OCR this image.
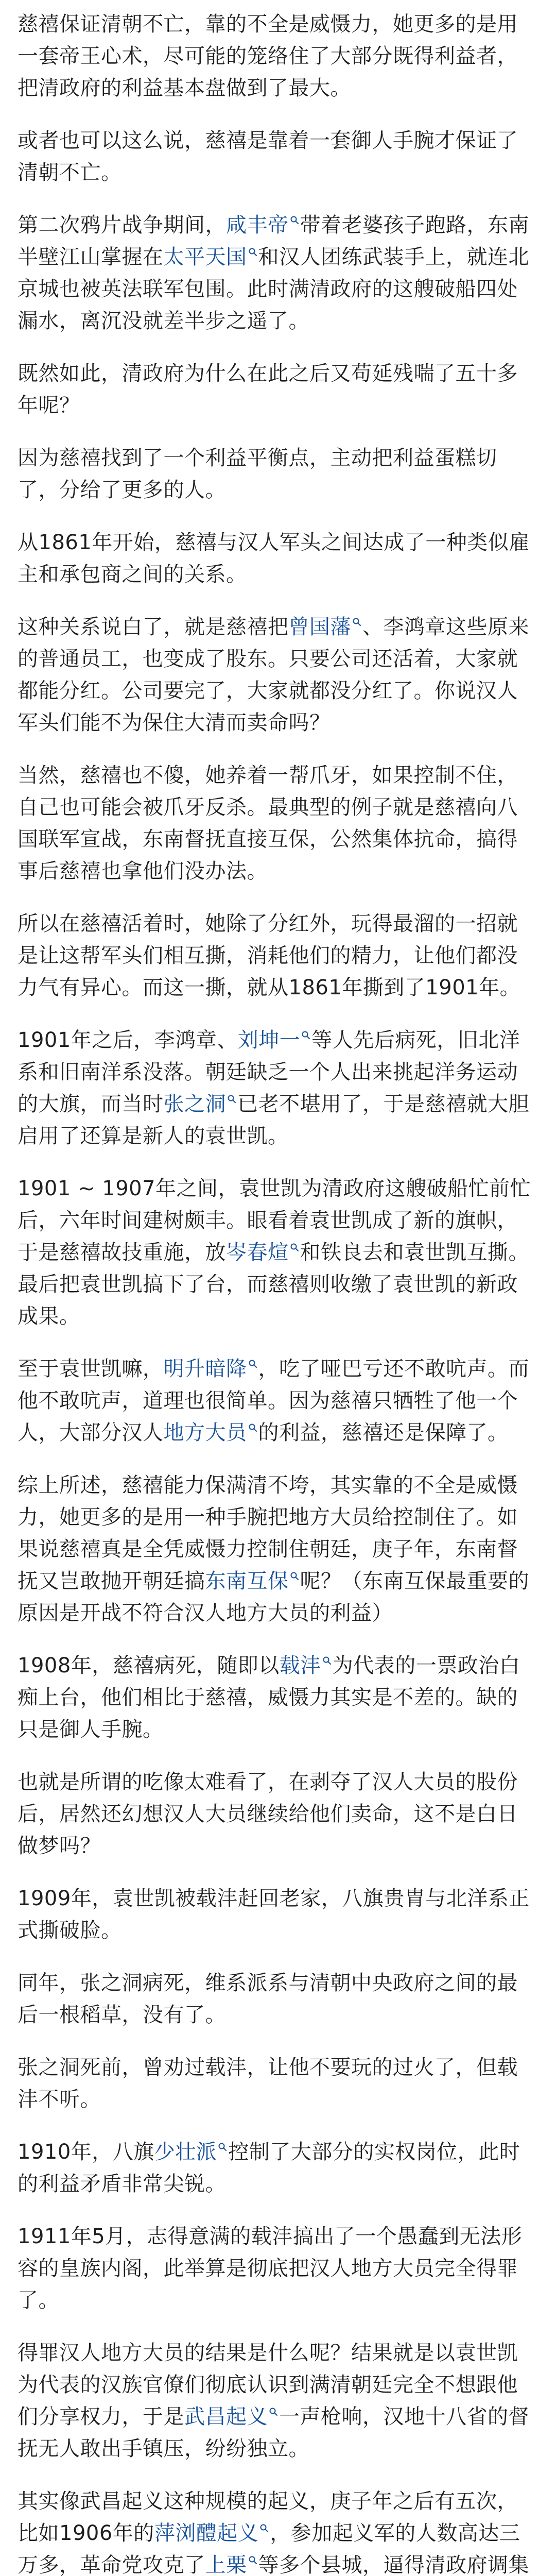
慈禧保证清朝不亡，靠的不全是威慑力，她更多的是用一套帝王心术，尽可能的笼络住了大部分既得利益者，把清政府的利益基本盘做到了最大。

或者也可以这么说，慈禧是靠着一套御人手腕才保证了清朝不亡。

第二次鸦片战争期间，咸丰帝 带着老婆孩子跑路，东南半壁江山掌握在太平天国 和汉人团练武装手上，就连北京城也被英法联军包围。此时满清政府的这艘破船四处漏水，离沉没就差半步之遥了。

既然如此，清政府为什么在此之后又苟延残喘了五十多年呢？

因为慈禧找到了一个利益平衡点，主动把利益蛋糕切了，分给了更多的人。

从1861年开始，慈禧与汉人军头之间达成了一种类似雇主和承包商之间的关系。

这种关系说白了，就是慈禧把曾国藩 、李鸿章这些原来的普通员工，也变成了股东。只要公司还活着，大家就都能分红。公司要完了，大家就都没分红了。你说汉人军头们能不为保住大清而卖命吗？

当然，慈禧也不傻，她养着一帮爪牙，如果控制不住，自己也可能会被爪牙反杀。最典型的例子就是慈禧向八国联军宣战，东南督抚直接互保，公然集体抗命，搞得事后慈禧也拿他们没办法。

所以在慈禧活着时，她除了分红外，玩得最溜的一招就是让这帮军头们相互撕，消耗他们的精力，让他们都没力气有异心。而这一撕，就从1861年撕到了1901年。

1901年之后，李鸿章、刘坤一 等人先后病死，旧北洋系和旧南洋系没落。朝廷缺乏一个人出来挑起洋务运动的大旗，而当时张之洞 已老不堪用了，于是慈禧就大胆启用了还算是新人的袁世凯。

1901 ~ 1907年之间，袁世凯为清政府这艘破船忙前忙后，六年时间建树颇丰。眼看着袁世凯成了新的旗帜，于是慈禧故技重施，放岑春煊 和铁良去和袁世凯互撕。最后把袁世凯搞下了台，而慈禧则收缴了袁世凯的新政成果。

至于袁世凯嘛，明升暗降 ，吃了哑巴亏还不敢吭声。而他不敢吭声，道理也很简单。因为慈禧只牺牲了他一个人，大部分汉人地方大员 的利益，慈禧还是保障了。

综上所述，慈禧能力保满清不垮，其实靠的不全是威慑力，她更多的是用一种手腕把地方大员给控制住了。如果说慈禧真是全凭威慑力控制住朝廷，庚子年，东南督抚又岂敢抛开朝廷搞东南互保 呢？（东南互保最重要的原因是开战不符合汉人地方大员的利益）

1908年，慈禧病死，随即以载沣 为代表的一票政治白痴上台，他们相比于慈禧，威慑力其实是不差的。缺的只是御人手腕。

也就是所谓的吃像太难看了，在剥夺了汉人大员的股份后，居然还幻想汉人大员继续给他们卖命，这不是白日做梦吗？

1909年，袁世凯被载沣赶回老家，八旗贵胄与北洋系正式撕破脸。

同年，张之洞病死，维系派系与清朝中央政府之间的最后一根稻草，没有了。

张之洞死前，曾劝过载沣，让他不要玩的过火了，但载沣不听。

1910年，八旗少壮派 控制了大部分的实权岗位，此时的利益矛盾非常尖锐。

1911年5月，志得意满的载沣搞出了一个愚蠢到无法形容的皇族内阁，此举算是彻底把汉人地方大员完全得罪了。

得罪汉人地方大员的结果是什么呢？结果就是以袁世凯为代表的汉族官僚们彻底认识到满清朝廷完全不想跟他们分享权力，于是武昌起义 一声枪响，汉地十八省的督抚无人敢出手镇压，纷纷独立。

其实像武昌起义这种规模的起义，庚子年之后有五次，比如1906年的萍浏醴起义 ，参加起义军的人数高达三万多，革命党攻克了上栗 等多个县城，逼得清政府调集
